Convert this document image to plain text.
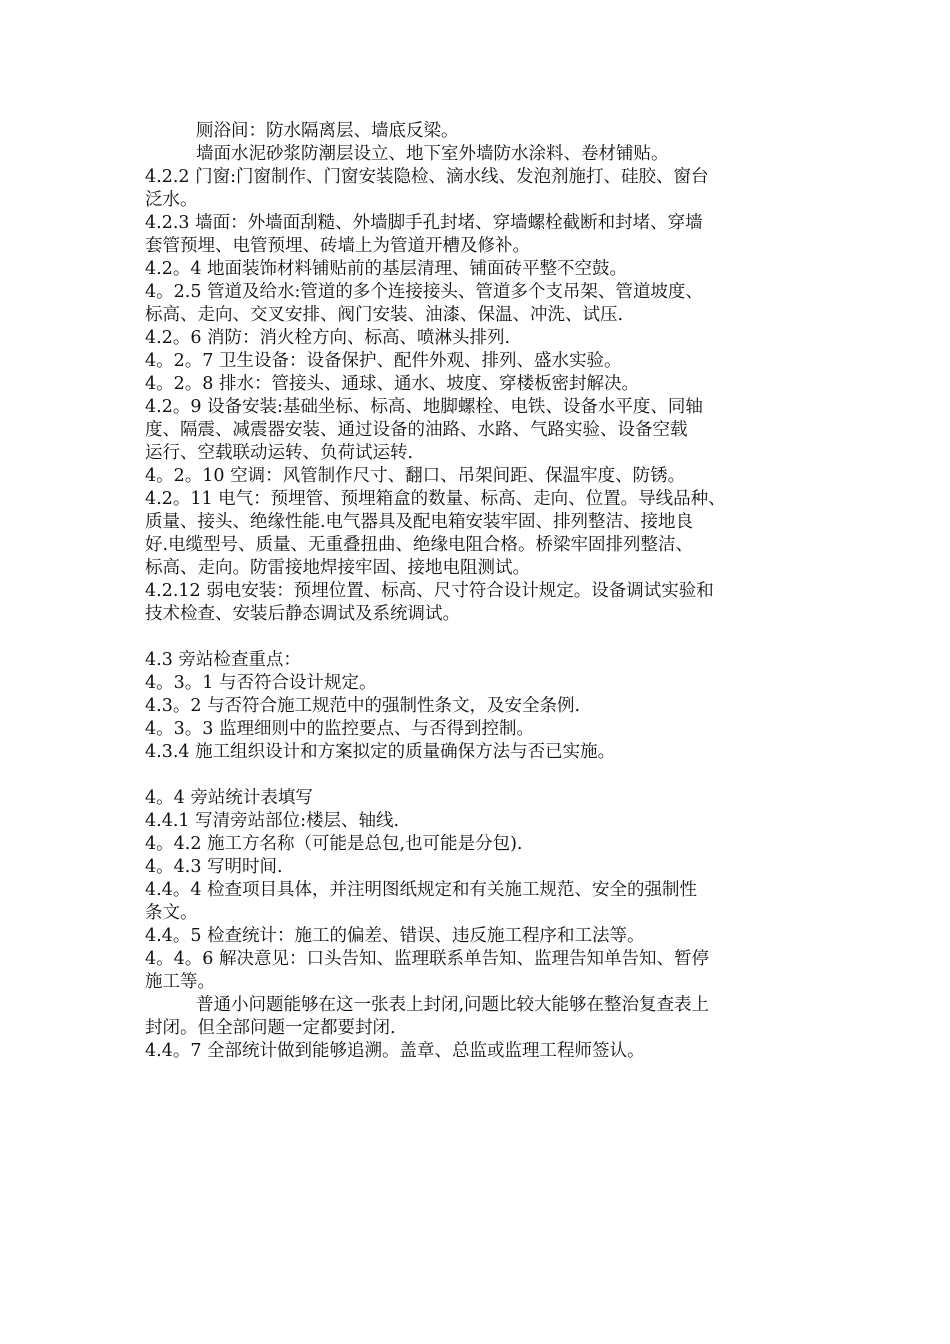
厕浴间：防水隔离层、墙底反梁。
墙面水泥砂浆防潮层设立、地下室外墙防水涂料、卷材铺贴。
4.2.2 门窗:门窗制作、门窗安装隐检、滴水线、发泡剂施打、硅胶、窗台
泛水。
4.2.3 墙面：外墙面刮糙、外墙脚手孔封堵、穿墙螺栓截断和封堵、穿墙
套管预埋、电管预埋、砖墙上为管道开槽及修补。
4.2。4 地面装饰材料铺贴前的基层清理、铺面砖平整不空鼓。
4。2.5 管道及给水:管道的多个连接接头、管道多个支吊架、管道坡度、
标高、走向、交叉安排、阀门安装、油漆、保温、冲洗、试压.
4.2。6 消防：消火栓方向、标高、喷淋头排列.
4。2。7 卫生设备：设备保护、配件外观、排列、盛水实验。
4。2。8 排水：管接头、通球、通水、坡度、穿楼板密封解决。
4.2。9 设备安装:基础坐标、标高、地脚螺栓、电铁、设备水平度、同轴
度、隔震、减震器安装、通过设备的油路、水路、气路实验、设备空载
运行、空载联动运转、负荷试运转.
4。2。10 空调：风管制作尺寸、翻口、吊架间距、保温牢度、防锈。
4.2。11 电气：预埋管、预埋箱盒的数量、标高、走向、位置。导线品种、
质量、接头、绝缘性能.电气器具及配电箱安装牢固、排列整洁、接地良
好.电缆型号、质量、无重叠扭曲、绝缘电阻合格。桥梁牢固排列整洁、
标高、走向。防雷接地焊接牢固、接地电阻测试。
4.2.12 弱电安装：预埋位置、标高、尺寸符合设计规定。设备调试实验和
技术检查、安装后静态调试及系统调试。
4.3 旁站检查重点：
4。3。1 与否符合设计规定。
4.3。2 与否符合施工规范中的强制性条文，及安全条例.
4。3。3 监理细则中的监控要点、与否得到控制。
4.3.4 施工组织设计和方案拟定的质量确保方法与否已实施。
4。4 旁站统计表填写
4.4.1 写清旁站部位:楼层、轴线.
4。4.2 施工方名称（可能是总包,也可能是分包).
4。4.3 写明时间.
4.4。4 检查项目具体，并注明图纸规定和有关施工规范、安全的强制性
条文。
4.4。5 检查统计：施工的偏差、错误、违反施工程序和工法等。
4。4。6 解决意见：口头告知、监理联系单告知、监理告知单告知、暂停
施工等。
普通小问题能够在这一张表上封闭,问题比较大能够在整治复查表上
封闭。但全部问题一定都要封闭.
4.4。7 全部统计做到能够追溯。盖章、总监或监理工程师签认。
